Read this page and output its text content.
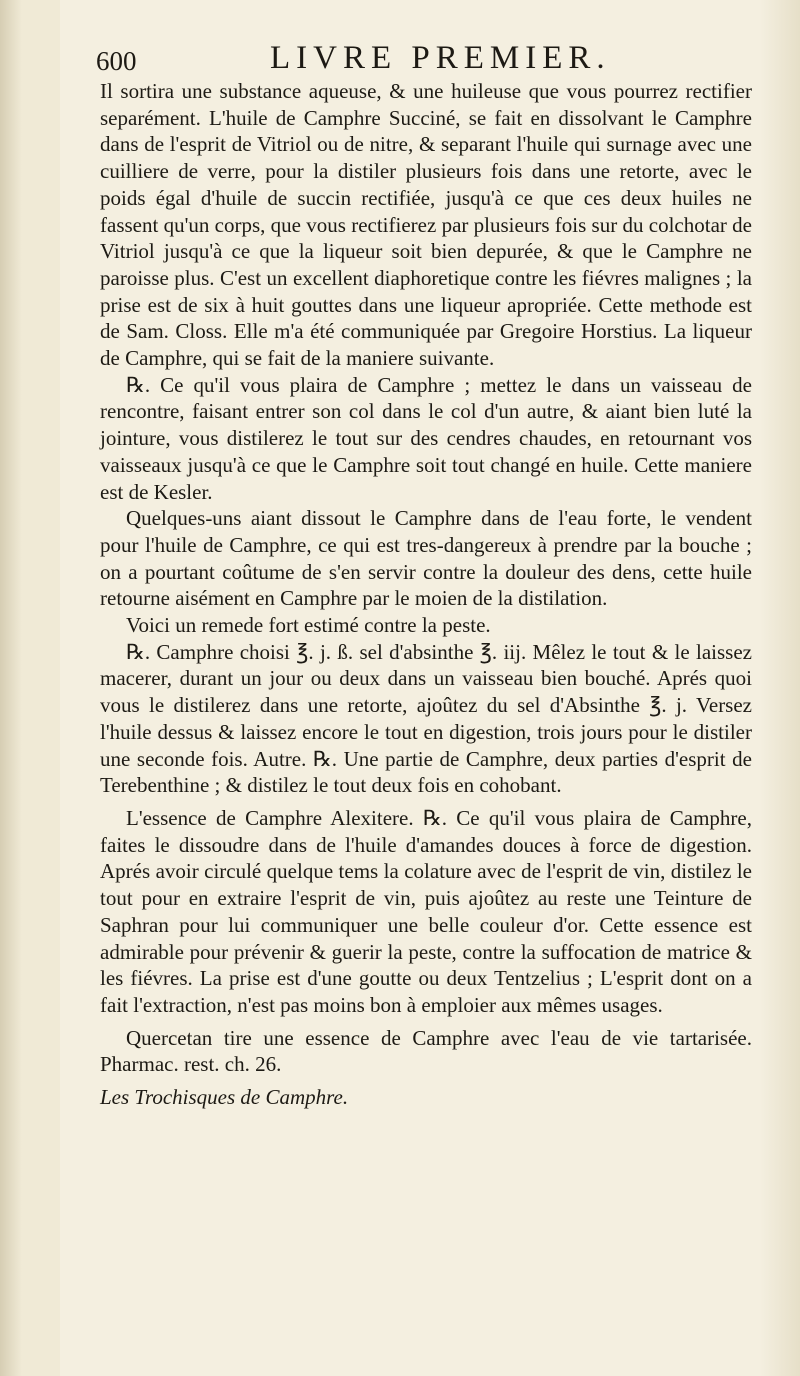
600	LIVRE PREMIER.

Il sortira une substance aqueuse, & une huileuse que vous pourrez rectifier separément. L'huile de Camphre Succiné, se fait en dissolvant le Camphre dans de l'esprit de Vitriol ou de nitre, & separant l'huile qui surnage avec une cuilliere de verre, pour la distiler plusieurs fois dans une retorte, avec le poids égal d'huile de succin rectifiée, jusqu'à ce que ces deux huiles ne fassent qu'un corps, que vous rectifierez par plusieurs fois sur du colchotar de Vitriol jusqu'à ce que la liqueur soit bien depurée, & que le Camphre ne paroisse plus. C'est un excellent diaphoretique contre les fiévres malignes ; la prise est de six à huit gouttes dans une liqueur apropriée. Cette methode est de Sam. Closs. Elle m'a été communiquée par Gregoire Horstius. La liqueur de Camphre, qui se fait de la maniere suivante.

℞. Ce qu'il vous plaira de Camphre ; mettez le dans un vaisseau de rencontre, faisant entrer son col dans le col d'un autre, & aiant bien luté la jointure, vous distilerez le tout sur des cendres chaudes, en retournant vos vaisseaux jusqu'à ce que le Camphre soit tout changé en huile. Cette maniere est de Kesler.

Quelques-uns aiant dissout le Camphre dans de l'eau forte, le vendent pour l'huile de Camphre, ce qui est tres-dangereux à prendre par la bouche ; on a pourtant coûtume de s'en servir contre la douleur des dens, cette huile retourne aisément en Camphre par le moien de la distilation.

Voici un remede fort estimé contre la peste.

℞. Camphre choisi ℥. j. ß. sel d'absinthe ℥. iij. Mêlez le tout & le laissez macerer, durant un jour ou deux dans un vaisseau bien bouché. Aprés quoi vous le distilerez dans une retorte, ajoûtez du sel d'Absinthe ℥. j. Versez l'huile dessus & laissez encore le tout en digestion, trois jours pour le distiler une seconde fois. Autre. ℞. Une partie de Camphre, deux parties d'esprit de Terebenthine ; & distilez le tout deux fois en cohobant.

L'essence de Camphre Alexitere. ℞. Ce qu'il vous plaira de Camphre, faites le dissoudre dans de l'huile d'amandes douces à force de digestion. Aprés avoir circulé quelque tems la colature avec de l'esprit de vin, distilez le tout pour en extraire l'esprit de vin, puis ajoûtez au reste une Teinture de Saphran pour lui communiquer une belle couleur d'or. Cette essence est admirable pour prévenir & guerir la peste, contre la suffocation de matrice & les fiévres. La prise est d'une goutte ou deux Tentzelius ; L'esprit dont on a fait l'extraction, n'est pas moins bon à emploier aux mêmes usages.

Quercetan tire une essence de Camphre avec l'eau de vie tartarisée. Pharmac. rest. ch. 26.

Les Trochisques de Camphre.
